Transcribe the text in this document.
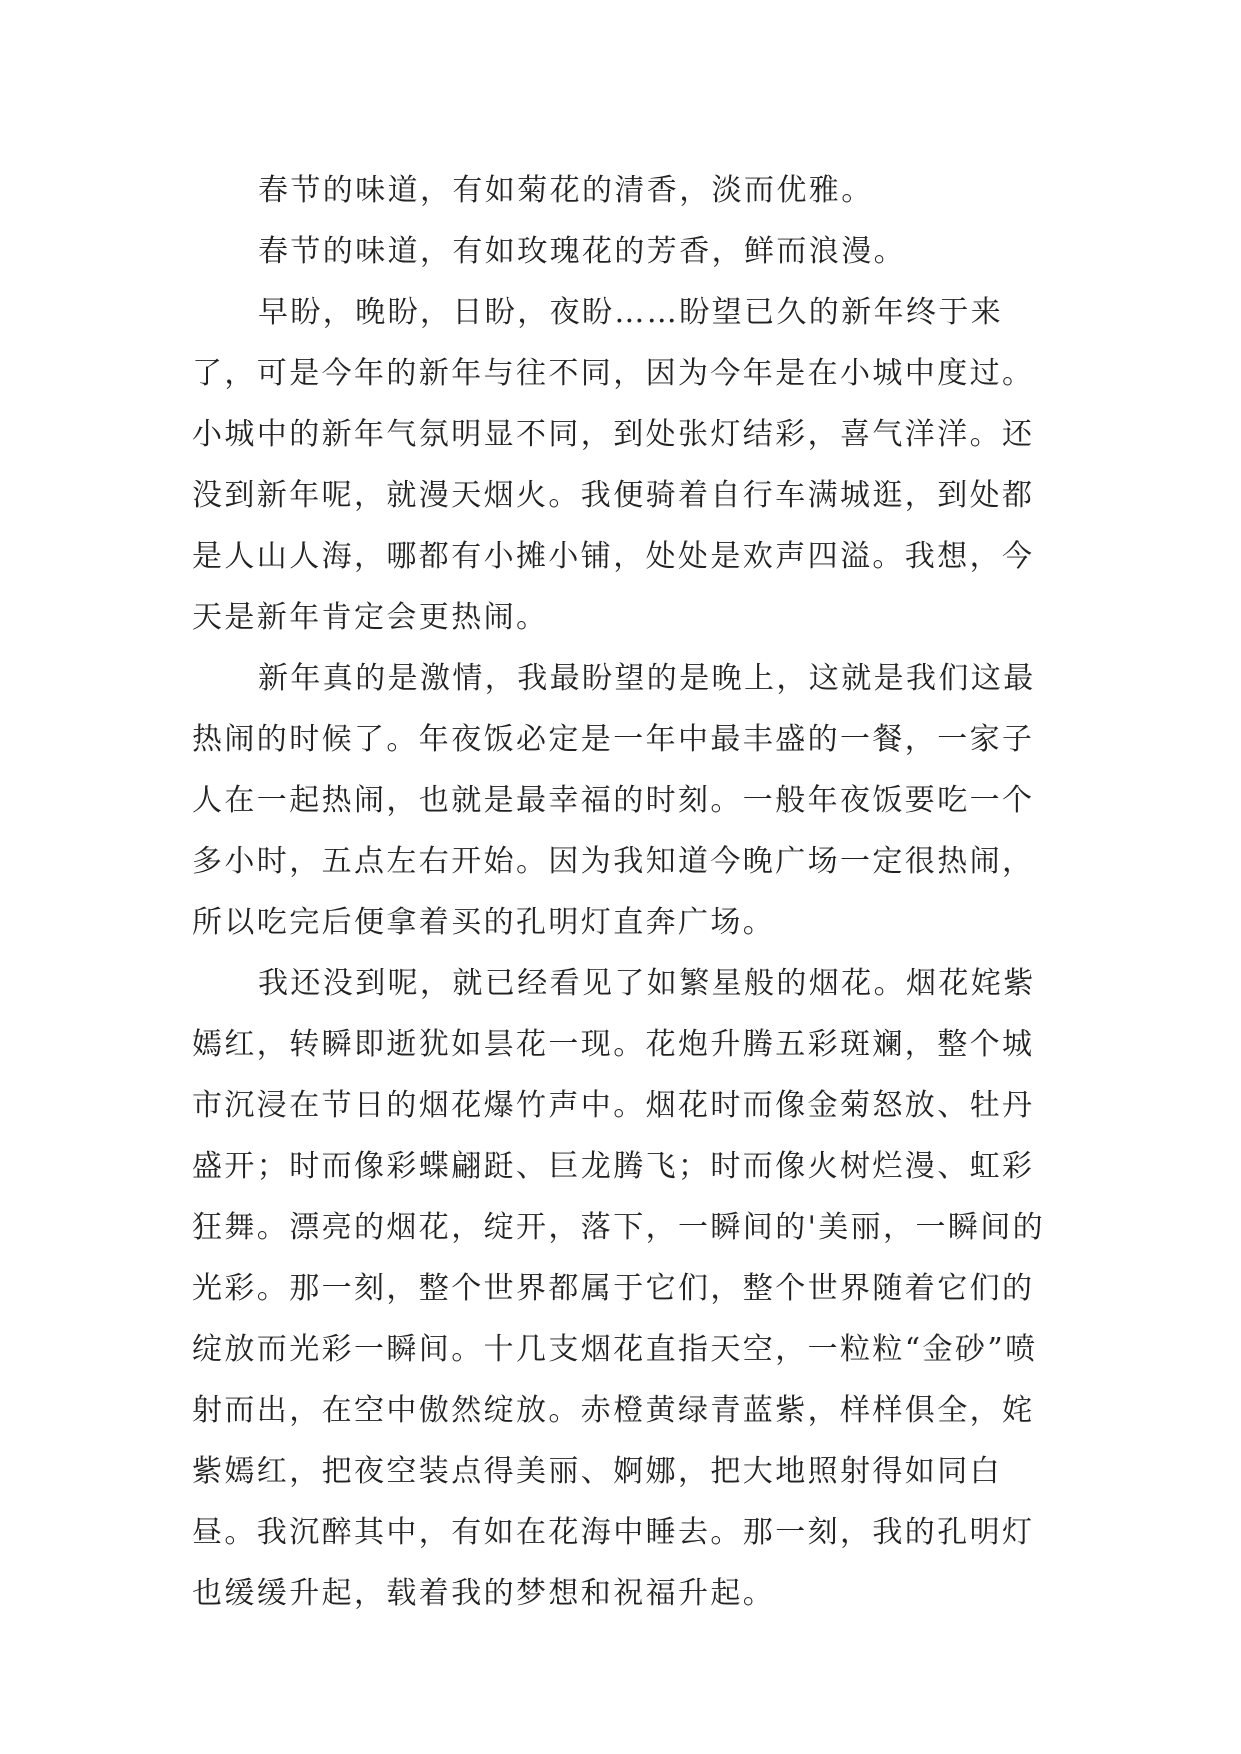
春节的味道，有如菊花的清香，淡而优雅。

春节的味道，有如玫瑰花的芳香，鲜而浪漫。

早盼，晚盼，日盼，夜盼……盼望已久的新年终于来了，可是今年的新年与往不同，因为今年是在小城中度过。小城中的新年气氛明显不同，到处张灯结彩，喜气洋洋。还没到新年呢，就漫天烟火。我便骑着自行车满城逛，到处都是人山人海，哪都有小摊小铺，处处是欢声四溢。我想，今天是新年肯定会更热闹。

新年真的是激情，我最盼望的是晚上，这就是我们这最热闹的时候了。年夜饭必定是一年中最丰盛的一餐，一家子人在一起热闹，也就是最幸福的时刻。一般年夜饭要吃一个多小时，五点左右开始。因为我知道今晚广场一定很热闹，所以吃完后便拿着买的孔明灯直奔广场。

我还没到呢，就已经看见了如繁星般的烟花。烟花姹紫嫣红，转瞬即逝犹如昙花一现。花炮升腾五彩斑斓，整个城市沉浸在节日的烟花爆竹声中。烟花时而像金菊怒放、牡丹盛开；时而像彩蝶翩跹、巨龙腾飞；时而像火树烂漫、虹彩狂舞。漂亮的烟花，绽开，落下，一瞬间的'美丽，一瞬间的光彩。那一刻，整个世界都属于它们，整个世界随着它们的绽放而光彩一瞬间。十几支烟花直指天空，一粒粒“金砂”喷射而出，在空中傲然绽放。赤橙黄绿青蓝紫，样样俱全，姹紫嫣红，把夜空装点得美丽、婀娜，把大地照射得如同白昼。我沉醉其中，有如在花海中睡去。那一刻，我的孔明灯也缓缓升起，载着我的梦想和祝福升起。
